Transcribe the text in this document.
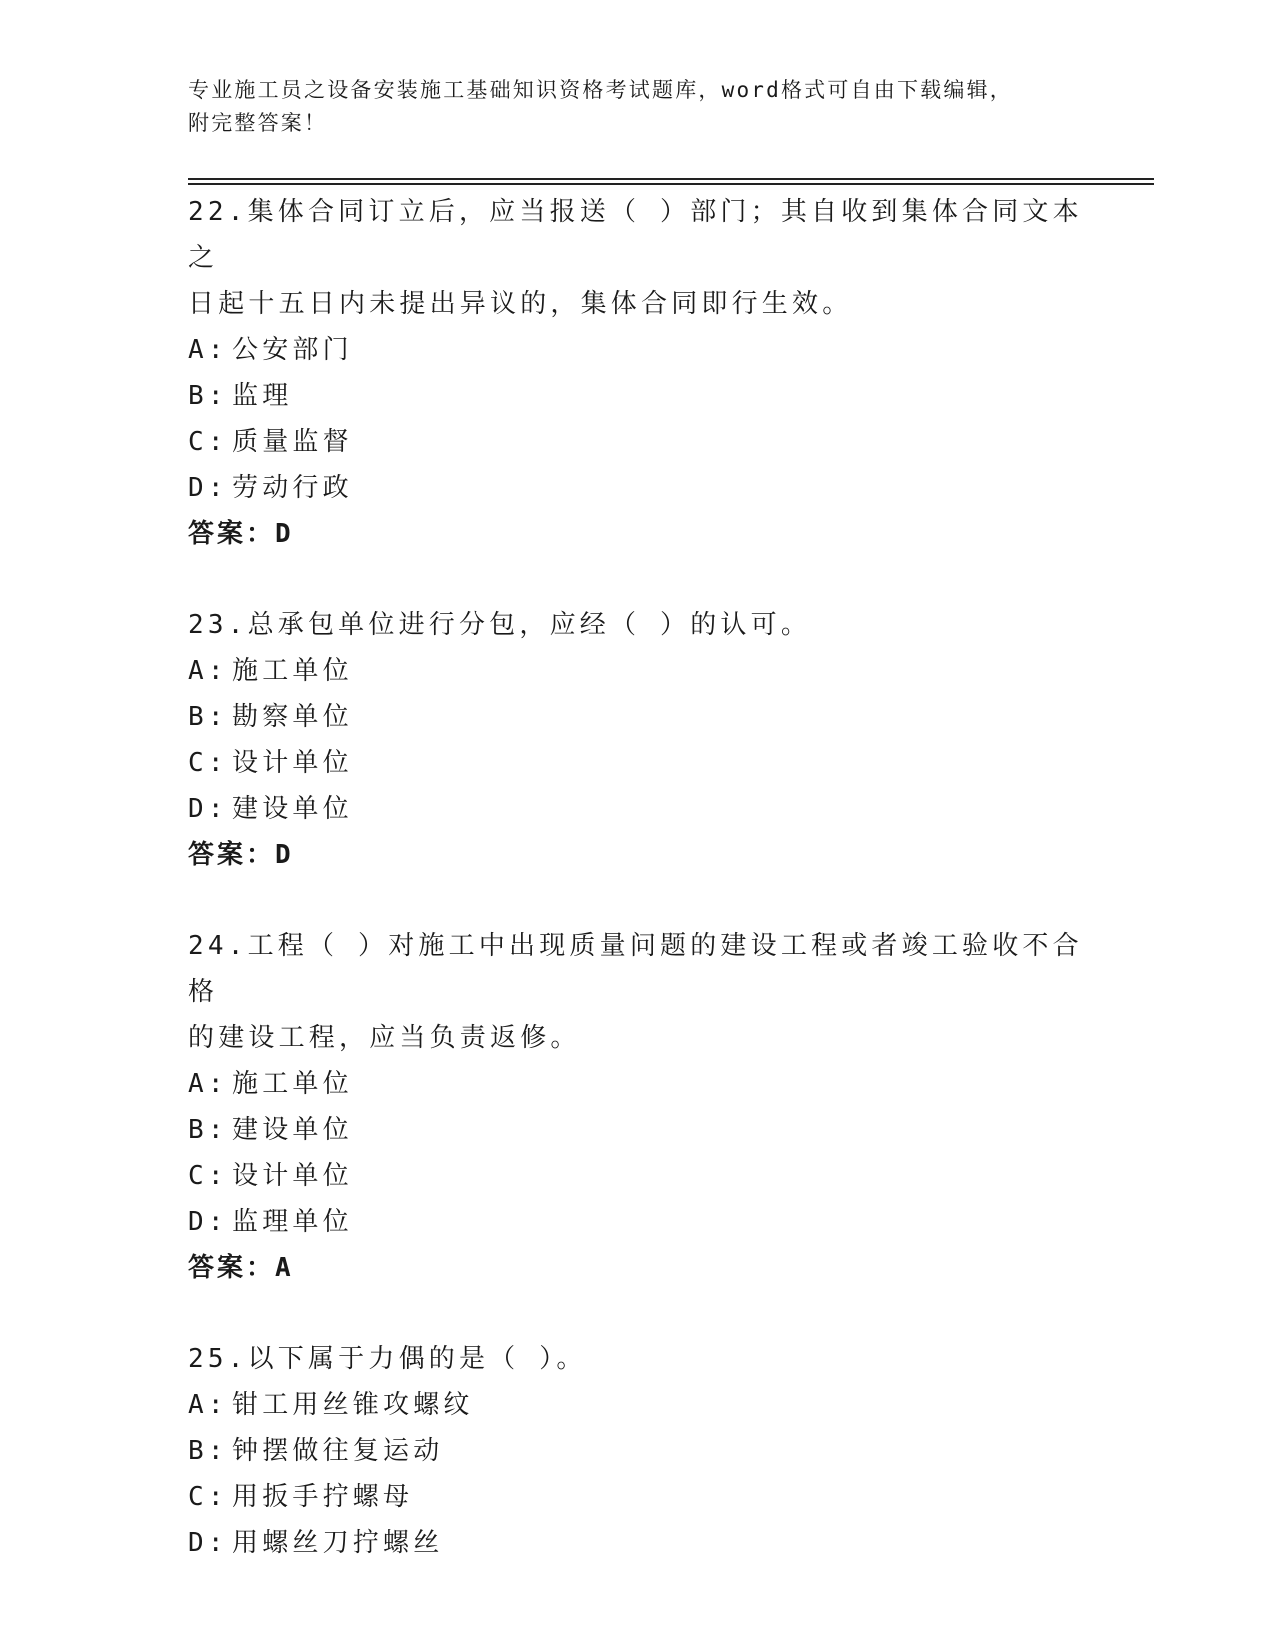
专业施工员之设备安装施工基础知识资格考试题库，word格式可自由下载编辑，
附完整答案！
22.集体合同订立后，应当报送（ ）部门；其自收到集体合同文本之
日起十五日内未提出异议的，集体合同即行生效。
A: 公安部门
B: 监理
C: 质量监督
D: 劳动行政
答案：D
23.总承包单位进行分包，应经（ ）的认可。
A: 施工单位
B: 勘察单位
C: 设计单位
D: 建设单位
答案：D
24.工程（ ）对施工中出现质量问题的建设工程或者竣工验收不合格
的建设工程，应当负责返修。
A: 施工单位
B: 建设单位
C: 设计单位
D: 监理单位
答案：A
25.以下属于力偶的是（ ）。
A: 钳工用丝锥攻螺纹
B: 钟摆做往复运动
C: 用扳手拧螺母
D: 用螺丝刀拧螺丝
